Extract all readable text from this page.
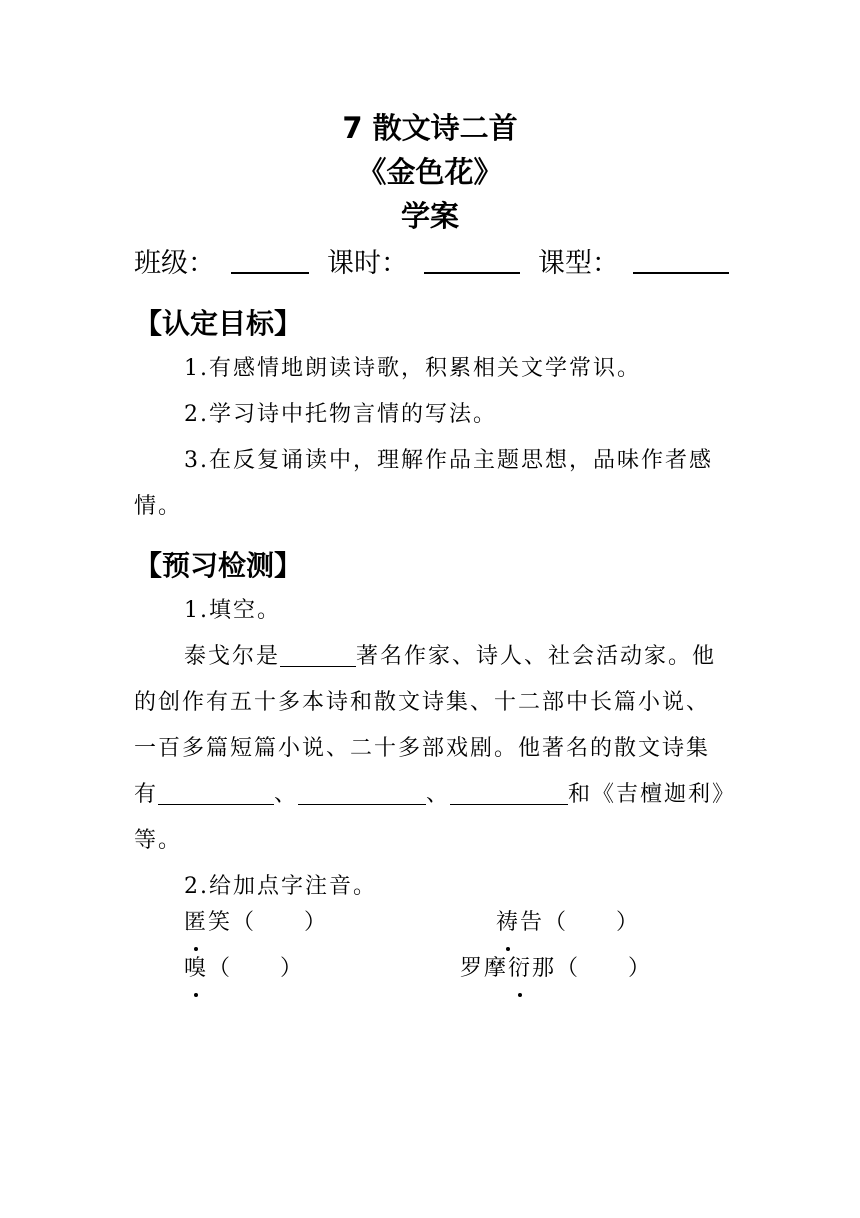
7 散文诗二首
《金色花》
学案
班级：	课时：	课型：
【认定目标】
1.有感情地朗读诗歌，积累相关文学常识。
2.学习诗中托物言情的写法。
3.在反复诵读中，理解作品主题思想，品味作者感情。
【预习检测】
1.填空。
泰戈尔是	著名作家、诗人、社会活动家。他的创作有五十多本诗和散文诗集、十二部中长篇小说、一百多篇短篇小说、二十多部戏剧。他著名的散文诗集有	、	、	和《吉檀迦利》等。
2.给加点字注音。
匿笑（　　）	祷告（　　）
嗅（　　）	罗摩衍那（　　）
